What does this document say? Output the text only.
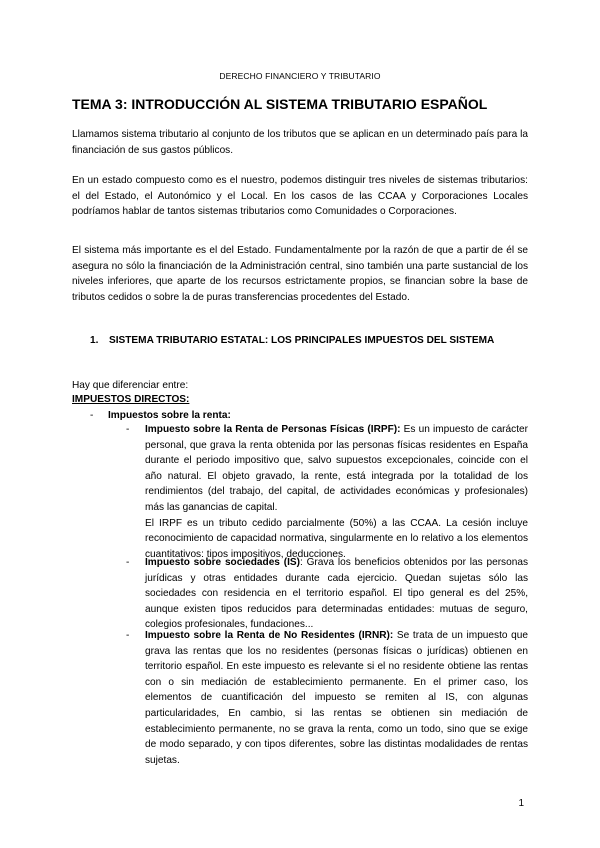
DERECHO FINANCIERO Y TRIBUTARIO
TEMA 3: INTRODUCCIÓN AL SISTEMA TRIBUTARIO ESPAÑOL

Llamamos sistema tributario al conjunto de los tributos que se aplican en un determinado país para la financiación de sus gastos públicos.

En un estado compuesto como es el nuestro, podemos distinguir tres niveles de sistemas tributarios: el del Estado, el Autonómico y el Local. En los casos de las CCAA y Corporaciones Locales podríamos hablar de tantos sistemas tributarios como Comunidades o Corporaciones.

El sistema más importante es el del Estado. Fundamentalmente por la razón de que a partir de él se asegura no sólo la financiación de la Administración central, sino también una parte sustancial de los niveles inferiores, que aparte de los recursos estrictamente propios, se financian sobre la base de tributos cedidos o sobre la de puras transferencias procedentes del Estado.

1.	SISTEMA TRIBUTARIO ESTATAL: LOS PRINCIPALES IMPUESTOS DEL SISTEMA

Hay que diferenciar entre:

IMPUESTOS DIRECTOS:

-	Impuestos sobre la renta:
-	Impuesto sobre la Renta de Personas Físicas (IRPF): Es un impuesto de carácter personal, que grava la renta obtenida por las personas físicas residentes en España durante el periodo impositivo que, salvo supuestos excepcionales, coincide con el año natural. El objeto gravado, la rente, está integrada por la totalidad de los rendimientos (del trabajo, del capital, de actividades económicas y profesionales) más las ganancias de capital.

El IRPF es un tributo cedido parcialmente (50%) a las CCAA. La cesión incluye reconocimiento de capacidad normativa, singularmente en lo relativo a los elementos cuantitativos: tipos impositivos, deducciones.

-	Impuesto sobre sociedades (IS): Grava los beneficios obtenidos por las personas jurídicas y otras entidades durante cada ejercicio. Quedan sujetas sólo las sociedades con residencia en el territorio español. El tipo general es del 25%, aunque existen tipos reducidos para determinadas entidades: mutuas de seguro, colegios profesionales, fundaciones...

-	Impuesto sobre la Renta de No Residentes (IRNR): Se trata de un impuesto que grava las rentas que los no residentes (personas físicas o jurídicas) obtienen en territorio español. En este impuesto es relevante si el no residente obtiene las rentas con o sin mediación de establecimiento permanente. En el primer caso, los elementos de cuantificación del impuesto se remiten al IS, con algunas particularidades, En cambio, si las rentas se obtienen sin mediación de establecimiento permanente, no se grava la renta, como un todo, sino que se exige de modo separado, y con tipos diferentes, sobre las distintas modalidades de rentas sujetas.

1
